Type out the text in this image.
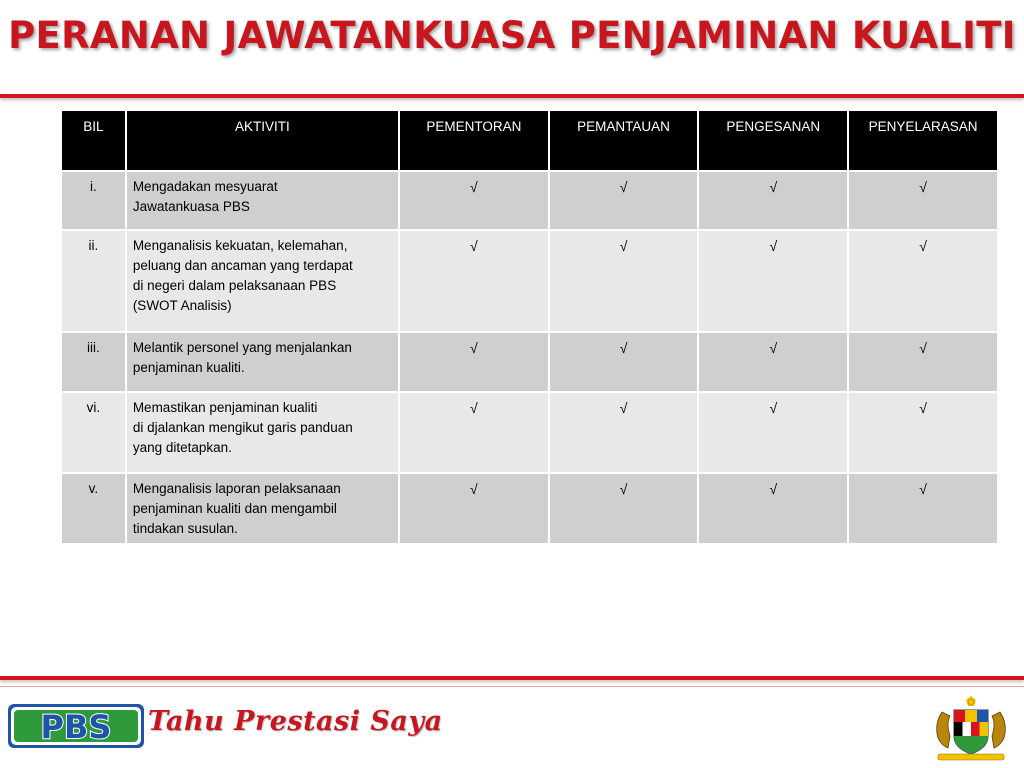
PERANAN JAWATANKUASA PENJAMINAN KUALITI
BIL	AKTIVITI	PEMENTORAN	PEMANTAUAN	PENGESANAN	PENYELARASAN
i.	Mengadakan mesyuarat
Jawatankuasa PBS	√	√	√	√
ii.	Menganalisis kekuatan, kelemahan,
peluang dan ancaman yang terdapat
di negeri dalam pelaksanaan PBS
(SWOT Analisis)	√	√	√	√
iii.	Melantik personel yang menjalankan
penjaminan kualiti.	√	√	√	√
vi.	Memastikan penjaminan kualiti
di djalankan mengikut garis panduan
yang ditetapkan.	√	√	√	√
v.	Menganalisis laporan pelaksanaan
penjaminan kualiti dan mengambil
tindakan susulan.	√	√	√	√
PBS Tahu Prestasi Saya
